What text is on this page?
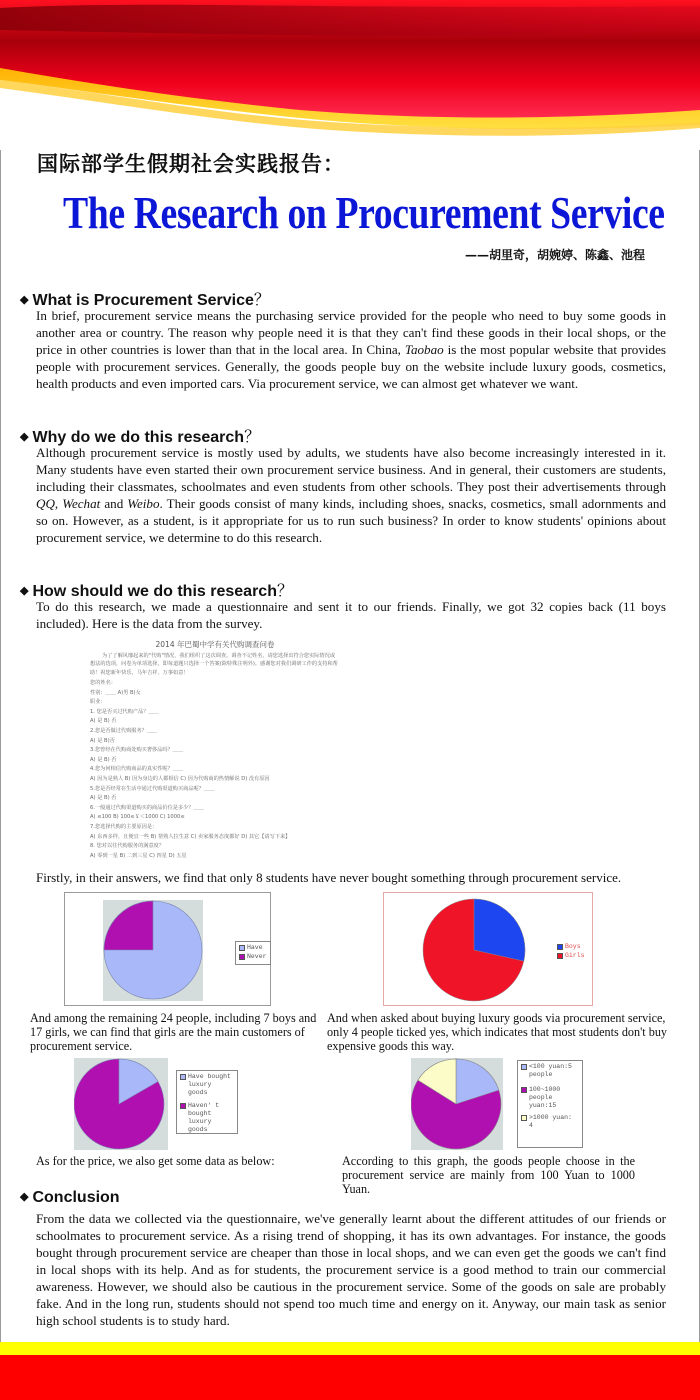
国际部学生假期社会实践报告：
The Research on Procurement Service
——胡里奇，胡婉婷、陈鑫、池程
◆ What is Procurement Service？
In brief, procurement service means the purchasing service provided for the people who need to buy some goods in another area or country. The reason why people need it is that they can't find these goods in their local shops, or the price in other countries is lower than that in the local area. In China, Taobao is the most popular website that provides people with procurement services. Generally, the goods people buy on the website include luxury goods, cosmetics, health products and even imported cars. Via procurement service, we can almost get whatever we want.
◆ Why do we do this research？
Although procurement service is mostly used by adults, we students have also become increasingly interested in it. Many students have even started their own procurement service business. And in general, their customers are students, including their classmates, schoolmates and even students from other schools. They post their advertisements through QQ, Wechat and Weibo. Their goods consist of many kinds, including shoes, snacks, cosmetics, small adornments and so on. However, as a student, is it appropriate for us to run such business? In order to know students' opinions about procurement service, we determine to do this research.
◆ How should we do this research？
To do this research, we made a questionnaire and sent it to our friends. Finally, we got 32 copies back (11 boys included). Here is the data from the survey.
2014 年巴蜀中学有关代购调查问卷
为了了解风靡起来的"代购"情况，我们组织了这次调查。调查不记姓名，请您选择出符合您实际情况或想法的选项，问卷为单项选择，即每道题只选择一个答案(除特殊注明外)。感谢您对我们调研工作的支持和帮助！祝您新年快乐，马年吉祥，万事如意！
您的姓名：
性别：＿＿ A)男 B)女
职业：
1. 您是否买过代购产品？＿＿
A) 是 B) 否
2.您是否做过代购服务？＿＿
A) 是 B)否
3.您曾经在代购商处购买奢侈品吗？＿＿
A) 是 B) 否
4.您为何相信代购商品的真实性呢？＿＿
A) 因为是熟人 B) 因为身边的人都相信 C) 因为代购商的热情解说 D) 没有原因
5.您是否经常在生活中通过代购渠道购买商品呢？＿＿
A) 是 B) 否
6.一般通过代购渠道购买的商品价位是多少？＿＿
A) ≤100 B) 100≤￥＜1000 C) 1000≤
7.您选择代购的主要原因是：
A) 东西多样，且便宜一些 B) 帮熟人拉生意 C) 卖家服务态度都好 D) 其它【请写下来】
8. 您对以往代购服务的满意度？
A) 零到一星 B) 二到三星 C) 四星 D) 五星
Firstly, in their answers, we find that only 8 students have never bought something through procurement service.
Have
Never
Boys
Girls
And among the remaining 24 people, including 7 boys and 17 girls, we can find that girls are the main customers of procurement service.
And when asked about buying luxury goods via procurement service, only 4 people ticked yes, which indicates that most students don't buy expensive goods this way.
Have bought luxury goods
Haven' t bought luxury goods
<100 yuan:5 people
100~1000 people yuan:15
>1000 yuan: 4
As for the price, we also get some data as below:	According to this graph, the goods people choose in the procurement service are mainly from 100 Yuan to 1000 Yuan.
◆ Conclusion
From the data we collected via the questionnaire, we've generally learnt about the different attitudes of our friends or schoolmates to procurement service. As a rising trend of shopping, it has its own advantages. For instance, the goods bought through procurement service are cheaper than those in local shops, and we can even get the goods we can't find in local shops with its help. And as for students, the procurement service is a good method to train our commercial awareness. However, we should also be cautious in the procurement service. Some of the goods on sale are probably fake. And in the long run, students should not spend too much time and energy on it. Anyway, our main task as senior high school students is to study hard.
